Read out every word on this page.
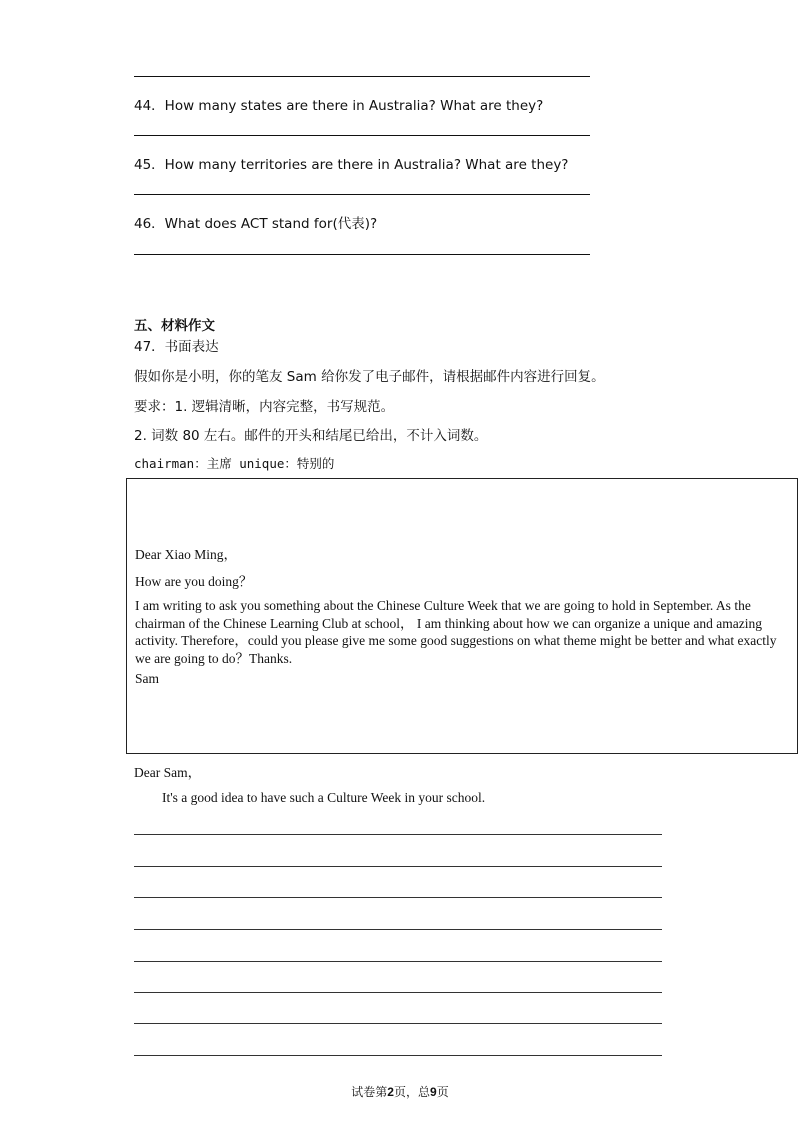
44．How many states are there in Australia? What are they?
45．How many territories are there in Australia? What are they?
46．What does ACT stand for(代表)?
五、材料作文
47．书面表达
假如你是小明，你的笔友 Sam 给你发了电子邮件，请根据邮件内容进行回复。
要求：1. 逻辑清晰，内容完整，书写规范。
2. 词数 80 左右。邮件的开头和结尾已给出，不计入词数。
chairman：主席 unique：特别的
Dear Xiao Ming，
How are you doing？
I am writing to ask you something about the Chinese Culture Week that we are going to hold in September. As the chairman of the Chinese Learning Club at school， I am thinking about how we can organize a unique and amazing activity. Therefore，could you please give me some good suggestions on what theme might be better and what exactly we are going to do？Thanks.
Sam
Dear Sam，
It's a good idea to have such a Culture Week in your school.
试卷第2页，总9页
